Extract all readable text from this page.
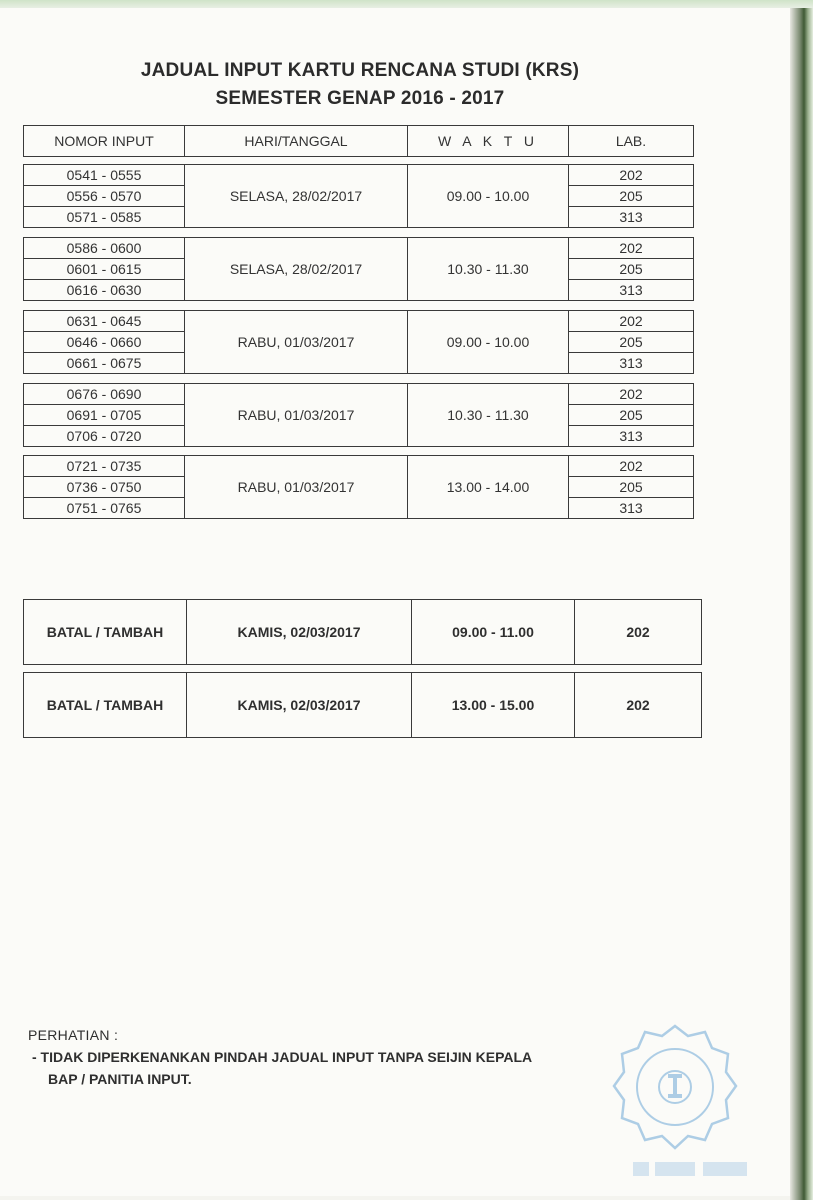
JADUAL INPUT KARTU RENCANA STUDI (KRS)
SEMESTER GENAP 2016 - 2017
NOMOR INPUT	HARI/TANGGAL	W A K T U	LAB.
0541 - 0555	SELASA, 28/02/2017	09.00 - 10.00	202
0556 - 0570			205
0571 - 0585			313
0586 - 0600	SELASA, 28/02/2017	10.30 - 11.30	202
0601 - 0615			205
0616 - 0630			313
0631 - 0645	RABU, 01/03/2017	09.00 - 10.00	202
0646 - 0660			205
0661 - 0675			313
0676 - 0690	RABU, 01/03/2017	10.30 - 11.30	202
0691 - 0705			205
0706 - 0720			313
0721 - 0735	RABU, 01/03/2017	13.00 - 14.00	202
0736 - 0750			205
0751 - 0765			313
BATAL / TAMBAH	KAMIS, 02/03/2017	09.00 - 11.00	202
BATAL / TAMBAH	KAMIS, 02/03/2017	13.00 - 15.00	202
PERHATIAN :
- TIDAK DIPERKENANKAN PINDAH JADUAL INPUT TANPA SEIJIN KEPALA
BAP / PANITIA INPUT.
